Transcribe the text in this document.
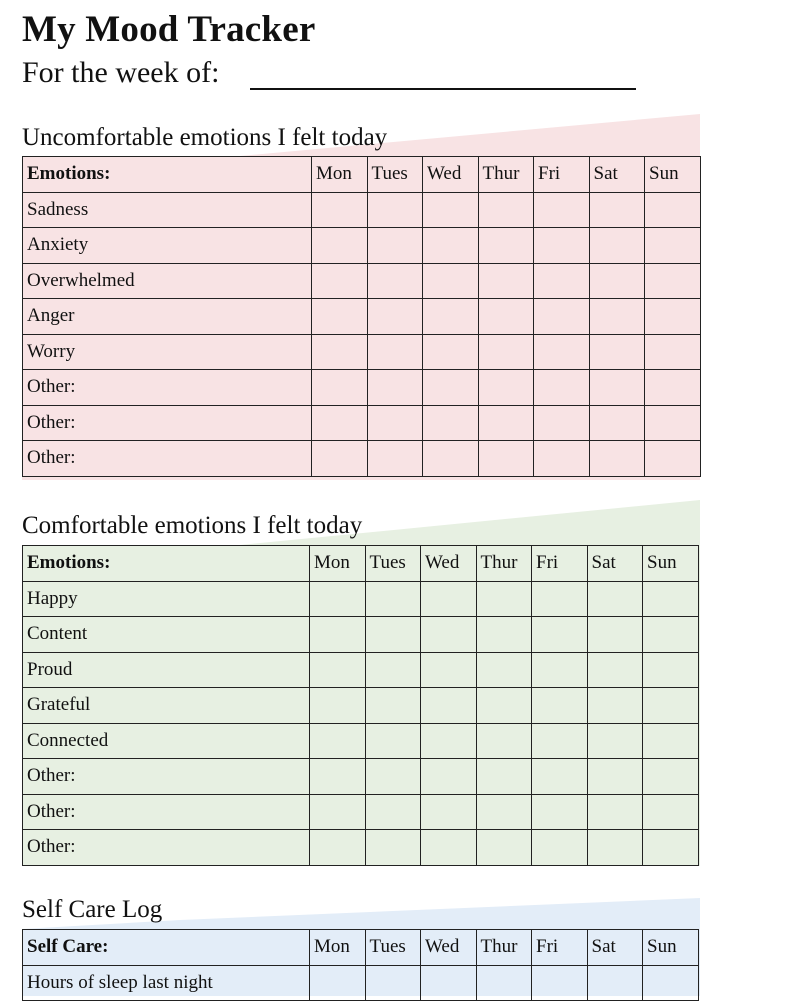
My Mood Tracker
For the week of:
Uncomfortable emotions I felt today
Emotions:	Mon	Tues	Wed	Thur	Fri	Sat	Sun
Sadness							
Anxiety							
Overwhelmed							
Anger							
Worry							
Other:							
Other:							
Other:							
Comfortable emotions I felt today
Emotions:	Mon	Tues	Wed	Thur	Fri	Sat	Sun
Happy							
Content							
Proud							
Grateful							
Connected							
Other:							
Other:							
Other:							
Self Care Log
Self Care:	Mon	Tues	Wed	Thur	Fri	Sat	Sun
Hours of sleep last night							
